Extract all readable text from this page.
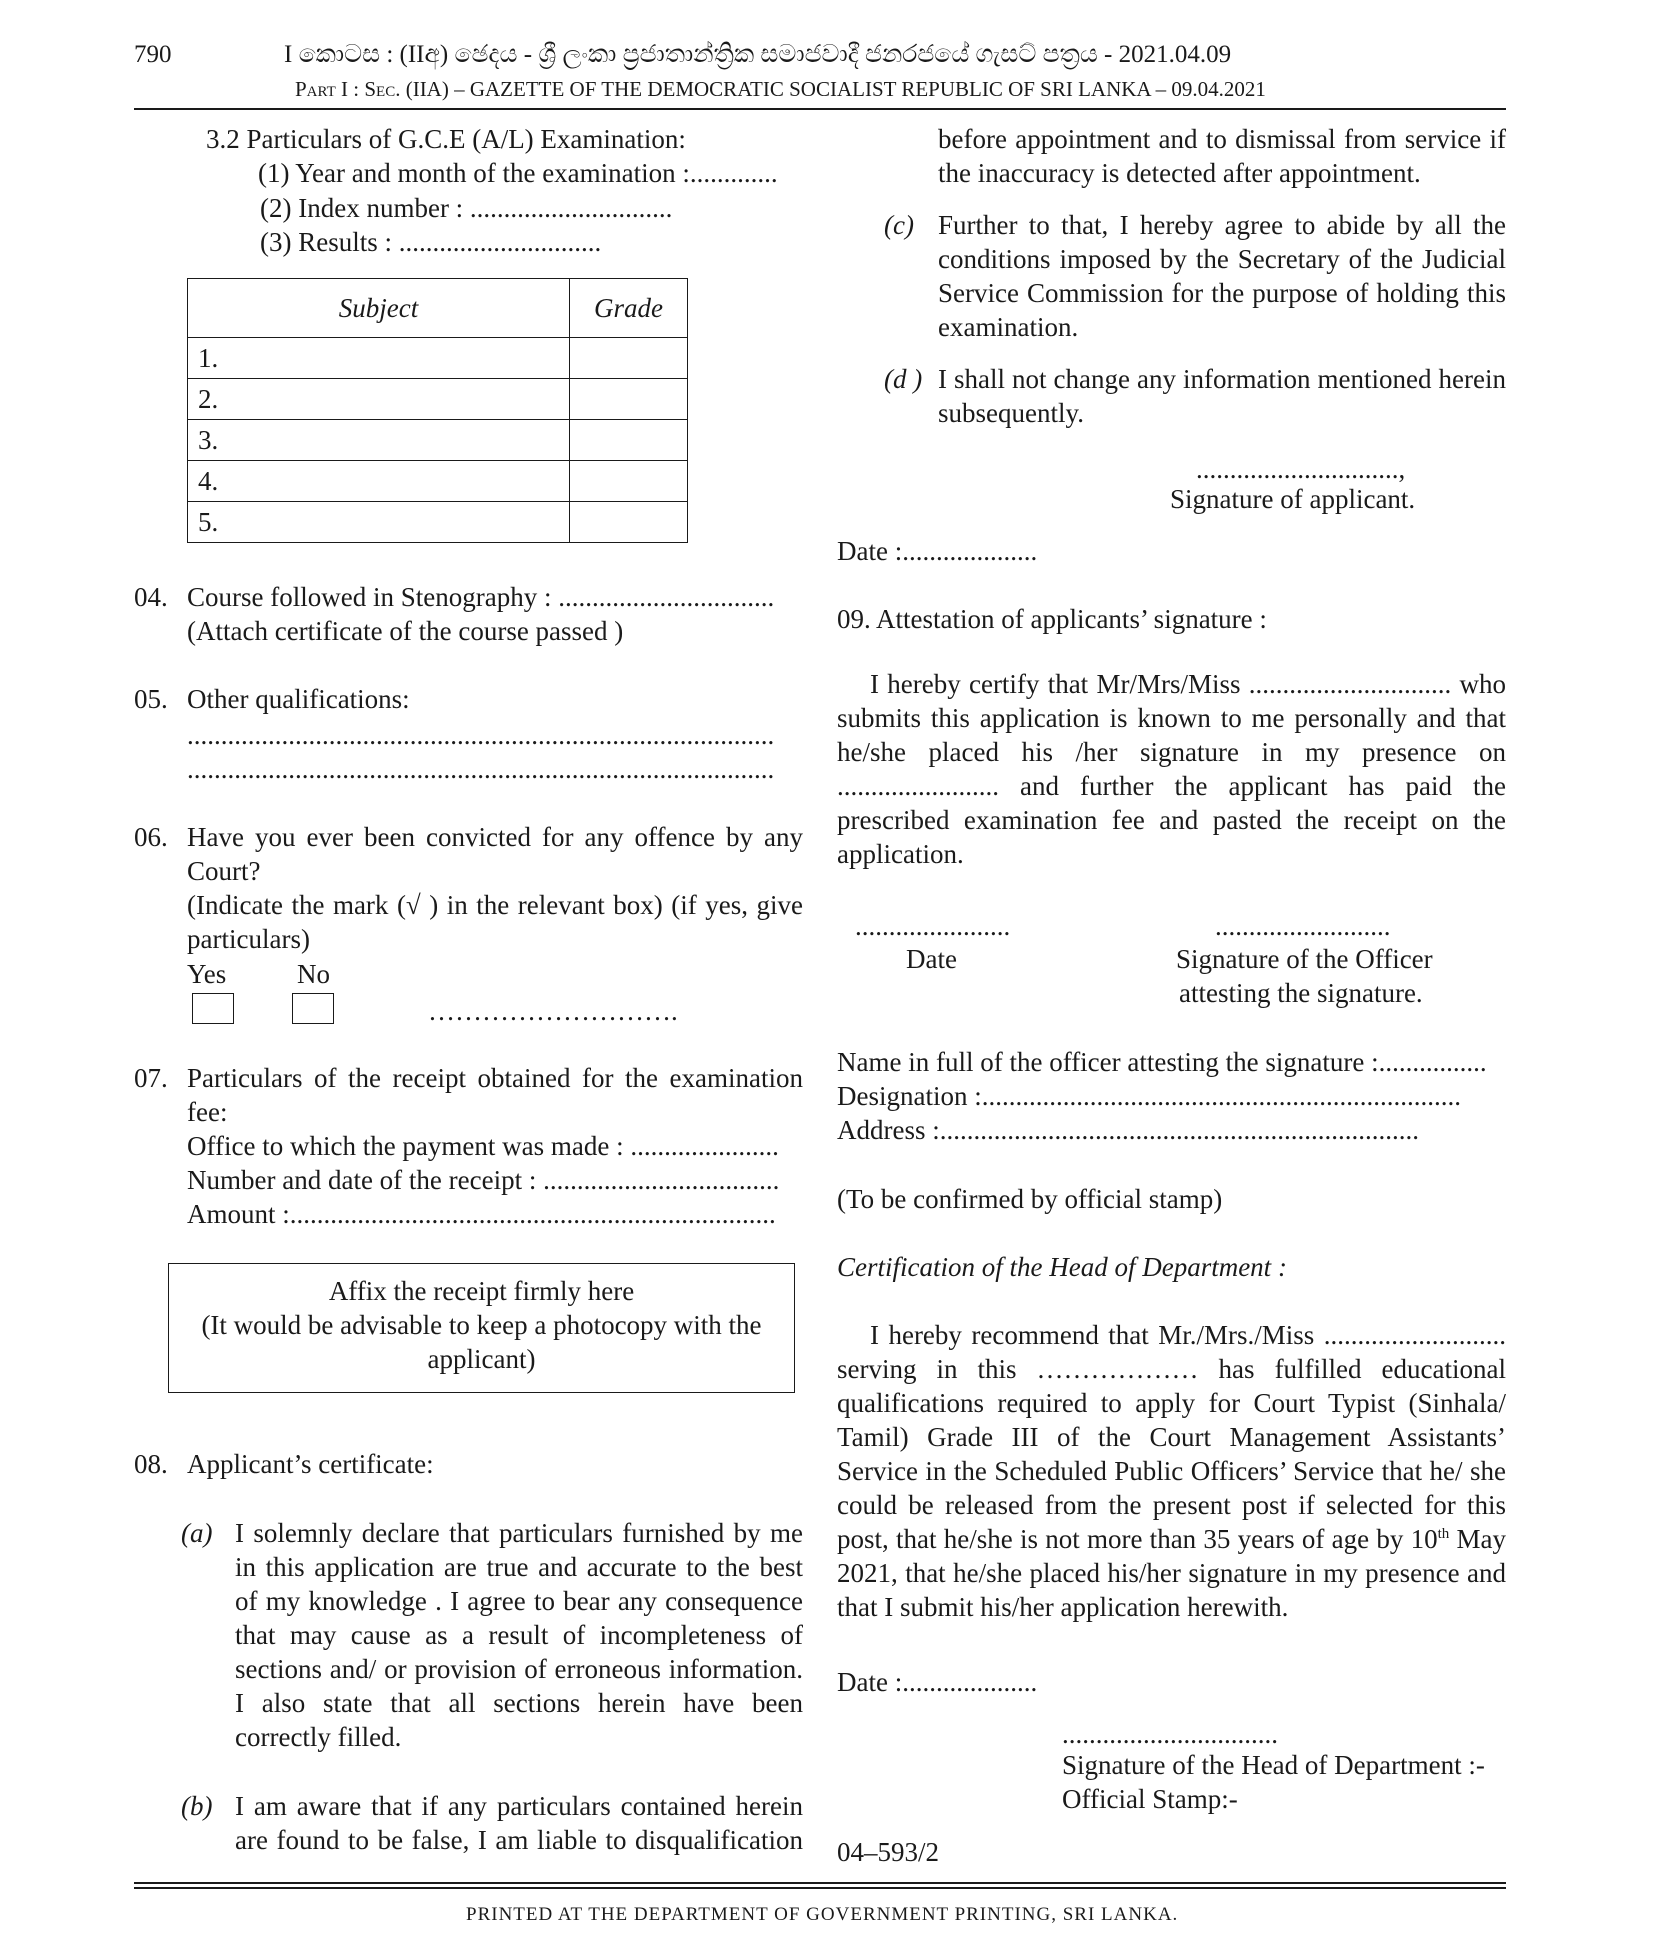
790	I කොටස : (IIඅ) ඡෙදය - ශ්‍රී ලංකා ප්‍රජාතාන්ත්‍රික සමාජවාදී ජනරජයේ ගැසට් පත්‍රය - 2021.04.09
Part I : Sec. (IIA) – GAZETTE OF THE DEMOCRATIC SOCIALIST REPUBLIC OF SRI LANKA – 09.04.2021
3.2 Particulars of G.C.E (A/L) Examination:
(1) Year and month of the examination :.............
(2) Index number : ..............................
(3) Results : ..............................
Subject	Grade
1.	
2.	
3.	
4.	
5.	
04. Course followed in Stenography : ................................
(Attach certificate of the course passed )
05. Other qualifications:
.......................................................................................
.......................................................................................
06. Have you ever been convicted for any offence by any Court?
(Indicate the mark (√ ) in the relevant box) (if yes, give particulars)
Yes	No
……………………….
07. Particulars of the receipt obtained for the examination fee:
Office to which the payment was made : ......................
Number and date of the receipt : ...................................
Amount :........................................................................
Affix the receipt firmly here
(It would be advisable to keep a photocopy with the applicant)
08. Applicant’s certificate:
(a) I solemnly declare that particulars furnished by me in this application are true and accurate to the best of my knowledge . I agree to bear any consequence that may cause as a result of incompleteness of sections and/ or provision of erroneous information. I also state that all sections herein have been correctly filled.
(b) I am aware that if any particulars contained herein are found to be false, I am liable to disqualification
before appointment and to dismissal from service if the inaccuracy is detected after appointment.
(c) Further to that, I hereby agree to abide by all the conditions imposed by the Secretary of the Judicial Service Commission for the purpose of holding this examination.
(d ) I shall not change any information mentioned herein subsequently.
..............................,
Signature of applicant.
Date :....................
09. Attestation of applicants’ signature :
I hereby certify that Mr/Mrs/Miss .............................. who submits this application is known to me personally and that he/she placed his /her signature in my presence on ........................ and further the applicant has paid the prescribed examination fee and pasted the receipt on the application.
.......................
Date
..........................
Signature of the Officer
attesting the signature.
Name in full of the officer attesting the signature :................
Designation :.......................................................................
Address :.......................................................................
(To be confirmed by official stamp)
Certification of the Head of Department :
I hereby recommend that Mr./Mrs./Miss ........................... serving in this ……………… has fulfilled educational qualifications required to apply for Court Typist (Sinhala/ Tamil) Grade III of the Court Management Assistants’ Service in the Scheduled Public Officers’ Service that he/ she could be released from the present post if selected for this post, that he/she is not more than 35 years of age by 10th May 2021, that he/she placed his/her signature in my presence and that I submit his/her application herewith.
Date :....................
................................
Signature of the Head of Department :-
Official Stamp:-
04–593/2
PRINTED AT THE DEPARTMENT OF GOVERNMENT PRINTING, SRI LANKA.
